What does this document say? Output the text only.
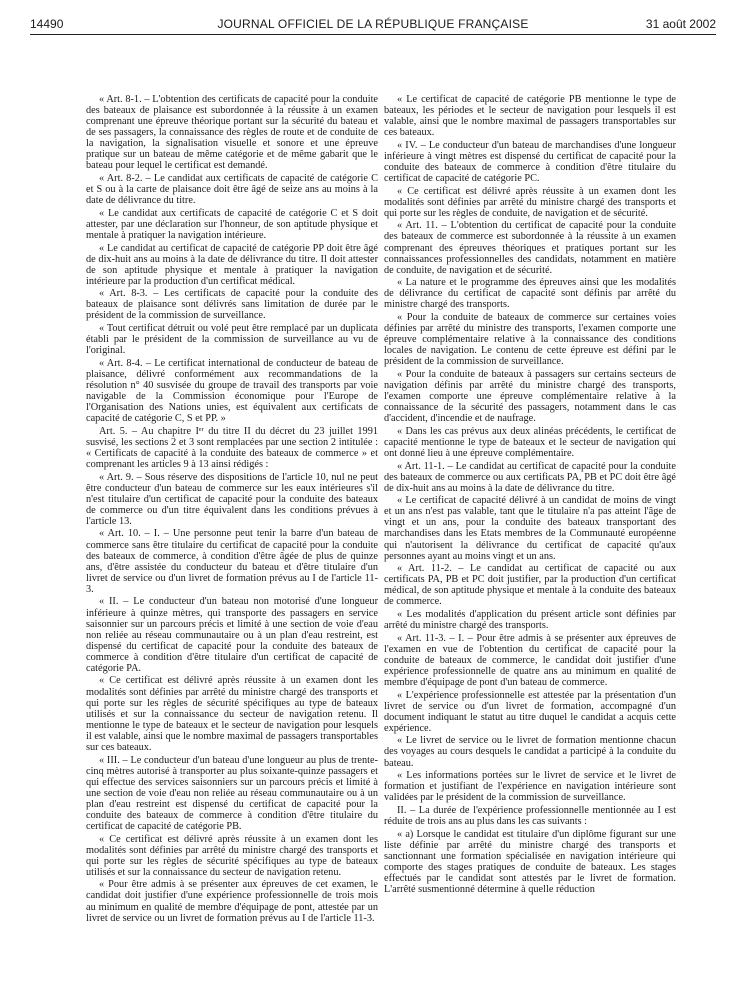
14490	JOURNAL OFFICIEL DE LA RÉPUBLIQUE FRANÇAISE	31 août 2002

« Art. 8-1. – L'obtention des certificats de capacité pour la conduite des bateaux de plaisance est subordonnée à la réussite à un examen comprenant une épreuve théorique portant sur la sécurité du bateau et de ses passagers, la connaissance des règles de route et de conduite de la navigation, la signalisation visuelle et sonore et une épreuve pratique sur un bateau de même catégorie et de même gabarit que le bateau pour lequel le certificat est demandé.

« Art. 8-2. – Le candidat aux certificats de capacité de catégorie C et S ou à la carte de plaisance doit être âgé de seize ans au moins à la date de délivrance du titre.

« Le candidat aux certificats de capacité de catégorie C et S doit attester, par une déclaration sur l'honneur, de son aptitude physique et mentale à pratiquer la navigation intérieure.

« Le candidat au certificat de capacité de catégorie PP doit être âgé de dix-huit ans au moins à la date de délivrance du titre. Il doit attester de son aptitude physique et mentale à pratiquer la navigation intérieure par la production d'un certificat médical.

« Art. 8-3. – Les certificats de capacité pour la conduite des bateaux de plaisance sont délivrés sans limitation de durée par le président de la commission de surveillance.

« Tout certificat détruit ou volé peut être remplacé par un duplicata établi par le président de la commission de surveillance au vu de l'original.

« Art. 8-4. – Le certificat international de conducteur de bateau de plaisance, délivré conformément aux recommandations de la résolution n° 40 susvisée du groupe de travail des transports par voie navigable de la Commission économique pour l'Europe de l'Organisation des Nations unies, est équivalent aux certificats de capacité de catégorie C, S et PP. »

Art. 5. – Au chapitre Iᵉʳ du titre II du décret du 23 juillet 1991 susvisé, les sections 2 et 3 sont remplacées par une section 2 intitulée : « Certificats de capacité à la conduite des bateaux de commerce » et comprenant les articles 9 à 13 ainsi rédigés :

« Art. 9. – Sous réserve des dispositions de l'article 10, nul ne peut être conducteur d'un bateau de commerce sur les eaux intérieures s'il n'est titulaire d'un certificat de capacité pour la conduite des bateaux de commerce ou d'un titre équivalent dans les conditions prévues à l'article 13.

« Art. 10. – I. – Une personne peut tenir la barre d'un bateau de commerce sans être titulaire du certificat de capacité pour la conduite des bateaux de commerce, à condition d'être âgée de plus de quinze ans, d'être assistée du conducteur du bateau et d'être titulaire d'un livret de service ou d'un livret de formation prévus au I de l'article 11-3.

« II. – Le conducteur d'un bateau non motorisé d'une longueur inférieure à quinze mètres, qui transporte des passagers en service saisonnier sur un parcours précis et limité à une section de voie d'eau non reliée au réseau communautaire ou à un plan d'eau restreint, est dispensé du certificat de capacité pour la conduite des bateaux de commerce à condition d'être titulaire d'un certificat de capacité de catégorie PA.

« Ce certificat est délivré après réussite à un examen dont les modalités sont définies par arrêté du ministre chargé des transports et qui porte sur les règles de sécurité spécifiques au type de bateaux utilisés et sur la connaissance du secteur de navigation retenu. Il mentionne le type de bateaux et le secteur de navigation pour lesquels il est valable, ainsi que le nombre maximal de passagers transportables sur ces bateaux.

« III. – Le conducteur d'un bateau d'une longueur au plus de trente-cinq mètres autorisé à transporter au plus soixante-quinze passagers et qui effectue des services saisonniers sur un parcours précis et limité à une section de voie d'eau non reliée au réseau communautaire ou à un plan d'eau restreint est dispensé du certificat de capacité pour la conduite des bateaux de commerce à condition d'être titulaire du certificat de capacité de catégorie PB.

« Ce certificat est délivré après réussite à un examen dont les modalités sont définies par arrêté du ministre chargé des transports et qui porte sur les règles de sécurité spécifiques au type de bateaux utilisés et sur la connaissance du secteur de navigation retenu.

« Pour être admis à se présenter aux épreuves de cet examen, le candidat doit justifier d'une expérience professionnelle de trois mois au minimum en qualité de membre d'équipage de pont, attestée par un livret de service ou un livret de formation prévus au I de l'article 11-3.

« Le certificat de capacité de catégorie PB mentionne le type de bateaux, les périodes et le secteur de navigation pour lesquels il est valable, ainsi que le nombre maximal de passagers transportables sur ces bateaux.

« IV. – Le conducteur d'un bateau de marchandises d'une longueur inférieure à vingt mètres est dispensé du certificat de capacité pour la conduite des bateaux de commerce à condition d'être titulaire du certificat de capacité de catégorie PC.

« Ce certificat est délivré après réussite à un examen dont les modalités sont définies par arrêté du ministre chargé des transports et qui porte sur les règles de conduite, de navigation et de sécurité.

« Art. 11. – L'obtention du certificat de capacité pour la conduite des bateaux de commerce est subordonnée à la réussite à un examen comprenant des épreuves théoriques et pratiques portant sur les connaissances professionnelles des candidats, notamment en matière de conduite, de navigation et de sécurité.

« La nature et le programme des épreuves ainsi que les modalités de délivrance du certificat de capacité sont définis par arrêté du ministre chargé des transports.

« Pour la conduite de bateaux de commerce sur certaines voies définies par arrêté du ministre des transports, l'examen comporte une épreuve complémentaire relative à la connaissance des conditions locales de navigation. Le contenu de cette épreuve est défini par le président de la commission de surveillance.

« Pour la conduite de bateaux à passagers sur certains secteurs de navigation définis par arrêté du ministre chargé des transports, l'examen comporte une épreuve complémentaire relative à la connaissance de la sécurité des passagers, notamment dans le cas d'accident, d'incendie et de naufrage.

« Dans les cas prévus aux deux alinéas précédents, le certificat de capacité mentionne le type de bateaux et le secteur de navigation qui ont donné lieu à une épreuve complémentaire.

« Art. 11-1. – Le candidat au certificat de capacité pour la conduite des bateaux de commerce ou aux certificats PA, PB et PC doit être âgé de dix-huit ans au moins à la date de délivrance du titre.

« Le certificat de capacité délivré à un candidat de moins de vingt et un ans n'est pas valable, tant que le titulaire n'a pas atteint l'âge de vingt et un ans, pour la conduite des bateaux transportant des marchandises dans les Etats membres de la Communauté européenne qui n'autorisent la délivrance du certificat de capacité qu'aux personnes ayant au moins vingt et un ans.

« Art. 11-2. – Le candidat au certificat de capacité ou aux certificats PA, PB et PC doit justifier, par la production d'un certificat médical, de son aptitude physique et mentale à la conduite des bateaux de commerce.

« Les modalités d'application du présent article sont définies par arrêté du ministre chargé des transports.

« Art. 11-3. – I. – Pour être admis à se présenter aux épreuves de l'examen en vue de l'obtention du certificat de capacité pour la conduite de bateaux de commerce, le candidat doit justifier d'une expérience professionnelle de quatre ans au minimum en qualité de membre d'équipage de pont d'un bateau de commerce.

« L'expérience professionnelle est attestée par la présentation d'un livret de service ou d'un livret de formation, accompagné d'un document indiquant le statut au titre duquel le candidat a acquis cette expérience.

« Le livret de service ou le livret de formation mentionne chacun des voyages au cours desquels le candidat a participé à la conduite du bateau.

« Les informations portées sur le livret de service et le livret de formation et justifiant de l'expérience en navigation intérieure sont validées par le président de la commission de surveillance.

II. – La durée de l'expérience professionnelle mentionnée au I est réduite de trois ans au plus dans les cas suivants :

« a) Lorsque le candidat est titulaire d'un diplôme figurant sur une liste définie par arrêté du ministre chargé des transports et sanctionnant une formation spécialisée en navigation intérieure qui comporte des stages pratiques de conduite de bateaux. Les stages effectués par le candidat sont attestés par le livret de formation. L'arrêté susmentionné détermine à quelle réduction
